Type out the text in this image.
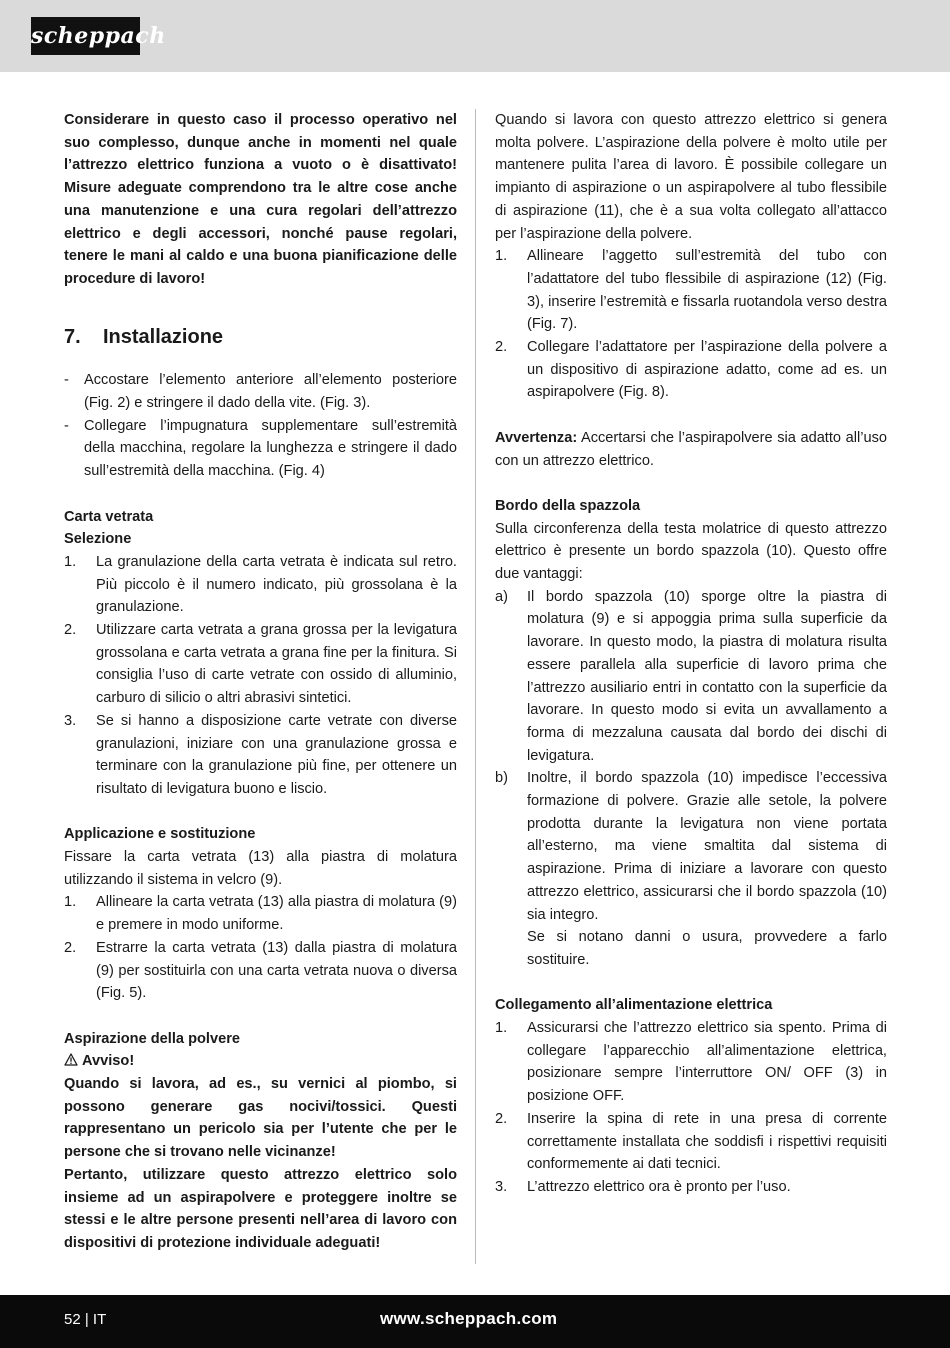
scheppach

Considerare in questo caso il processo operativo nel suo complesso, dunque anche in momenti nel quale l’attrezzo elettrico funziona a vuoto o è disattivato! Misure adeguate comprendono tra le altre cose anche una manutenzione e una cura regolari dell’attrezzo elettrico e degli accessori, nonché pause regolari, tenere le mani al caldo e una buona pianificazione delle procedure di lavoro!

7.	Installazione
-	Accostare l’elemento anteriore all’elemento posteriore (Fig. 2) e stringere il dado della vite. (Fig. 3).
-	Collegare l’impugnatura supplementare sull’estremità della macchina, regolare la lunghezza e stringere il dado sull’estremità della macchina. (Fig. 4)

Carta vetrata

Selezione

1.	La granulazione della carta vetrata è indicata sul retro. Più piccolo è il numero indicato, più grossolana è la granulazione.
2.	Utilizzare carta vetrata a grana grossa per la levigatura grossolana e carta vetrata a grana fine per la finitura. Si consiglia l’uso di carte vetrate con ossido di alluminio, carburo di silicio o altri abrasivi sintetici.
3.	Se si hanno a disposizione carte vetrate con diverse granulazioni, iniziare con una granulazione grossa e terminare con la granulazione più fine, per ottenere un risultato di levigatura buono e liscio.

Applicazione e sostituzione

Fissare la carta vetrata (13) alla piastra di molatura utilizzando il sistema in velcro (9).

1.	Allineare la carta vetrata (13) alla piastra di molatura (9) e premere in modo uniforme.
2.	Estrarre la carta vetrata (13) dalla piastra di molatura (9) per sostituirla con una carta vetrata nuova o diversa (Fig. 5).

Aspirazione della polvere

Avviso!

Quando si lavora, ad es., su vernici al piombo, si possono generare gas nocivi/tossici. Questi rappresentano un pericolo sia per l’utente che per le persone che si trovano nelle vicinanze!

Pertanto, utilizzare questo attrezzo elettrico solo insieme ad un aspirapolvere e proteggere inoltre se stessi e le altre persone presenti nell’area di lavoro con dispositivi di protezione individuale adeguati!

Quando si lavora con questo attrezzo elettrico si genera molta polvere. L’aspirazione della polvere è molto utile per mantenere pulita l’area di lavoro. È possibile collegare un impianto di aspirazione o un aspirapolvere al tubo flessibile di aspirazione (11), che è a sua volta collegato all’attacco per l’aspirazione della polvere.

1.	Allineare l’aggetto sull’estremità del tubo con l’adattatore del tubo flessibile di aspirazione (12) (Fig. 3), inserire l’estremità e fissarla ruotandola verso destra (Fig. 7).
2.	Collegare l’adattatore per l’aspirazione della polvere a un dispositivo di aspirazione adatto, come ad es. un aspirapolvere (Fig. 8).

Avvertenza: Accertarsi che l’aspirapolvere sia adatto all’uso con un attrezzo elettrico.

Bordo della spazzola

Sulla circonferenza della testa molatrice di questo attrezzo elettrico è presente un bordo spazzola (10). Questo offre due vantaggi:

a)	Il bordo spazzola (10) sporge oltre la piastra di molatura (9) e si appoggia prima sulla superficie da lavorare. In questo modo, la piastra di molatura risulta essere parallela alla superficie di lavoro prima che l’attrezzo ausiliario entri in contatto con la superficie da lavorare. In questo modo si evita un avvallamento a forma di mezzaluna causata dal bordo dei dischi di levigatura.
b)	Inoltre, il bordo spazzola (10) impedisce l’eccessiva formazione di polvere. Grazie alle setole, la polvere prodotta durante la levigatura non viene portata all’esterno, ma viene smaltita dal sistema di aspirazione. Prima di iniziare a lavorare con questo attrezzo elettrico, assicurarsi che il bordo spazzola (10) sia integro.
Se si notano danni o usura, provvedere a farlo sostituire.

Collegamento all’alimentazione elettrica

1.	Assicurarsi che l’attrezzo elettrico sia spento. Prima di collegare l’apparecchio all’alimentazione elettrica, posizionare sempre l’interruttore ON/ OFF (3) in posizione OFF.
2.	Inserire la spina di rete in una presa di corrente correttamente installata che soddisfi i rispettivi requisiti conformemente ai dati tecnici.
3.	L’attrezzo elettrico ora è pronto per l’uso.
52 | IT	www.scheppach.com
